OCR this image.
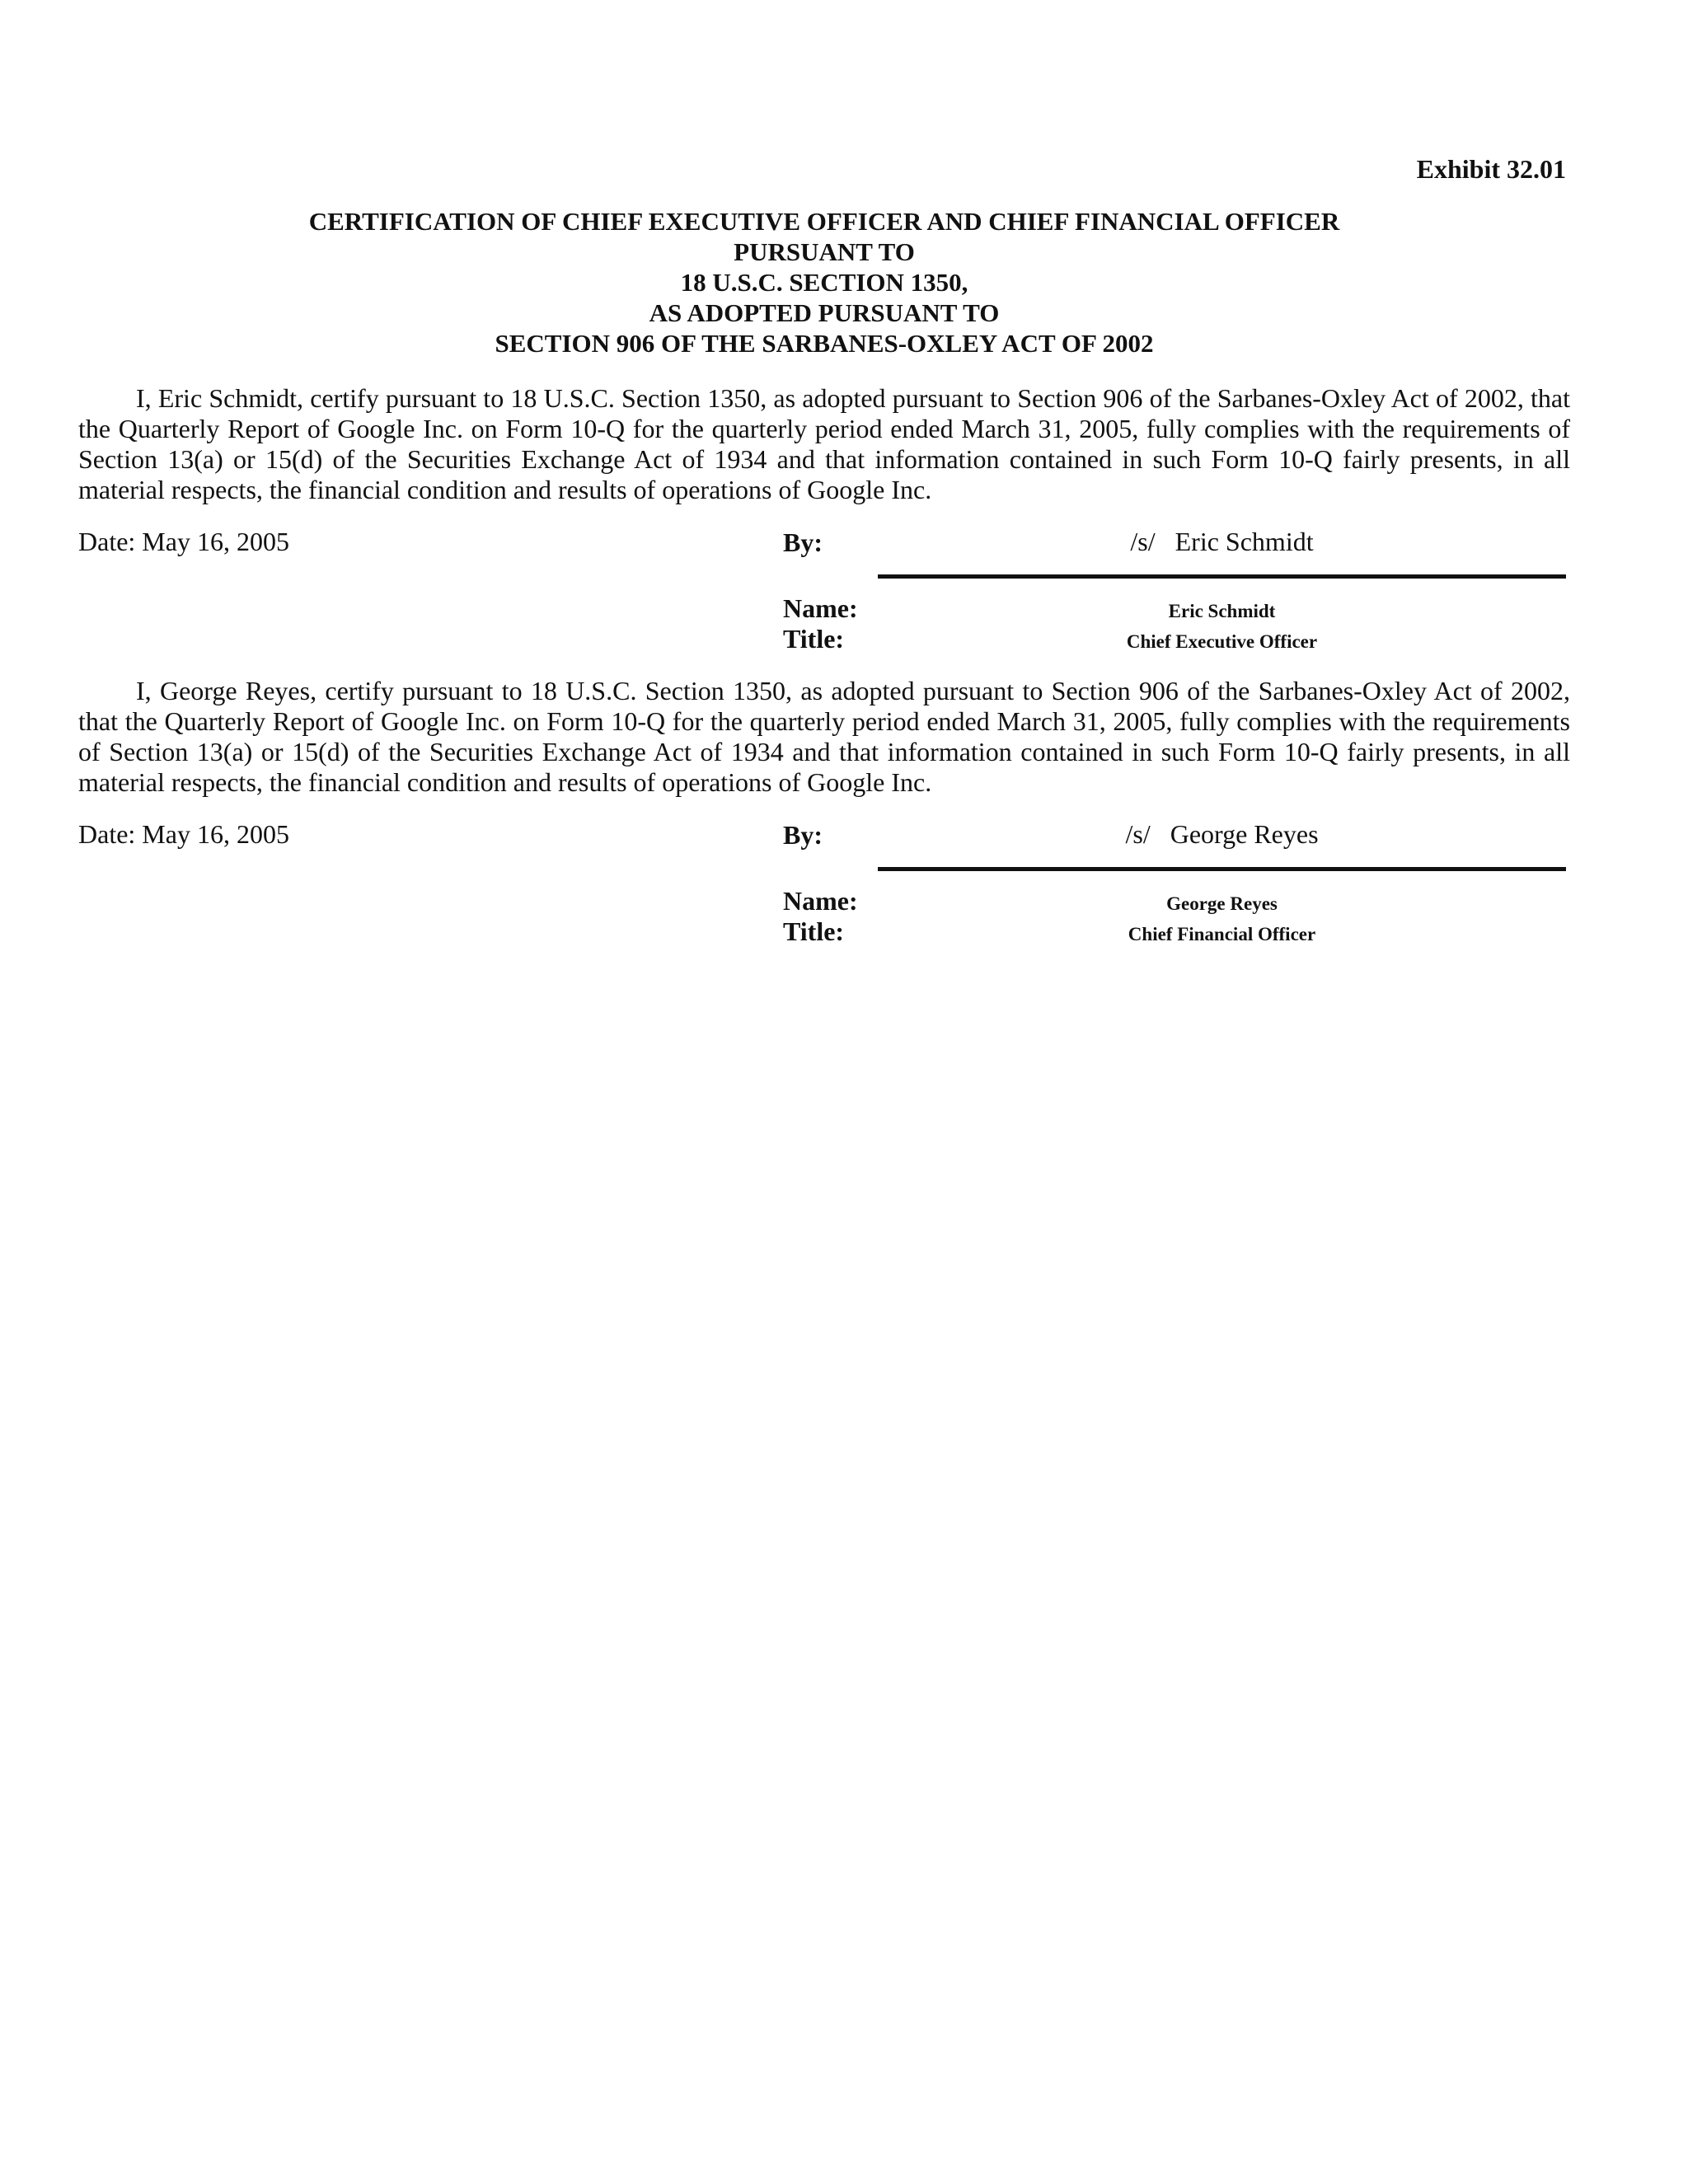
Exhibit 32.01
CERTIFICATION OF CHIEF EXECUTIVE OFFICER AND CHIEF FINANCIAL OFFICER
PURSUANT TO
18 U.S.C. SECTION 1350,
AS ADOPTED PURSUANT TO
SECTION 906 OF THE SARBANES-OXLEY ACT OF 2002
I, Eric Schmidt, certify pursuant to 18 U.S.C. Section 1350, as adopted pursuant to Section 906 of the Sarbanes-Oxley Act of 2002, that the Quarterly Report of Google Inc. on Form 10-Q for the quarterly period ended March 31, 2005, fully complies with the requirements of Section 13(a) or 15(d) of the Securities Exchange Act of 1934 and that information contained in such Form 10-Q fairly presents, in all material respects, the financial condition and results of operations of Google Inc.
Date: May 16, 2005	By:	/s/ Eric Schmidt
Name:	Eric Schmidt
Title:	Chief Executive Officer
I, George Reyes, certify pursuant to 18 U.S.C. Section 1350, as adopted pursuant to Section 906 of the Sarbanes-Oxley Act of 2002, that the Quarterly Report of Google Inc. on Form 10-Q for the quarterly period ended March 31, 2005, fully complies with the requirements of Section 13(a) or 15(d) of the Securities Exchange Act of 1934 and that information contained in such Form 10-Q fairly presents, in all material respects, the financial condition and results of operations of Google Inc.
Date: May 16, 2005	By:	/s/ George Reyes
Name:	George Reyes
Title:	Chief Financial Officer
